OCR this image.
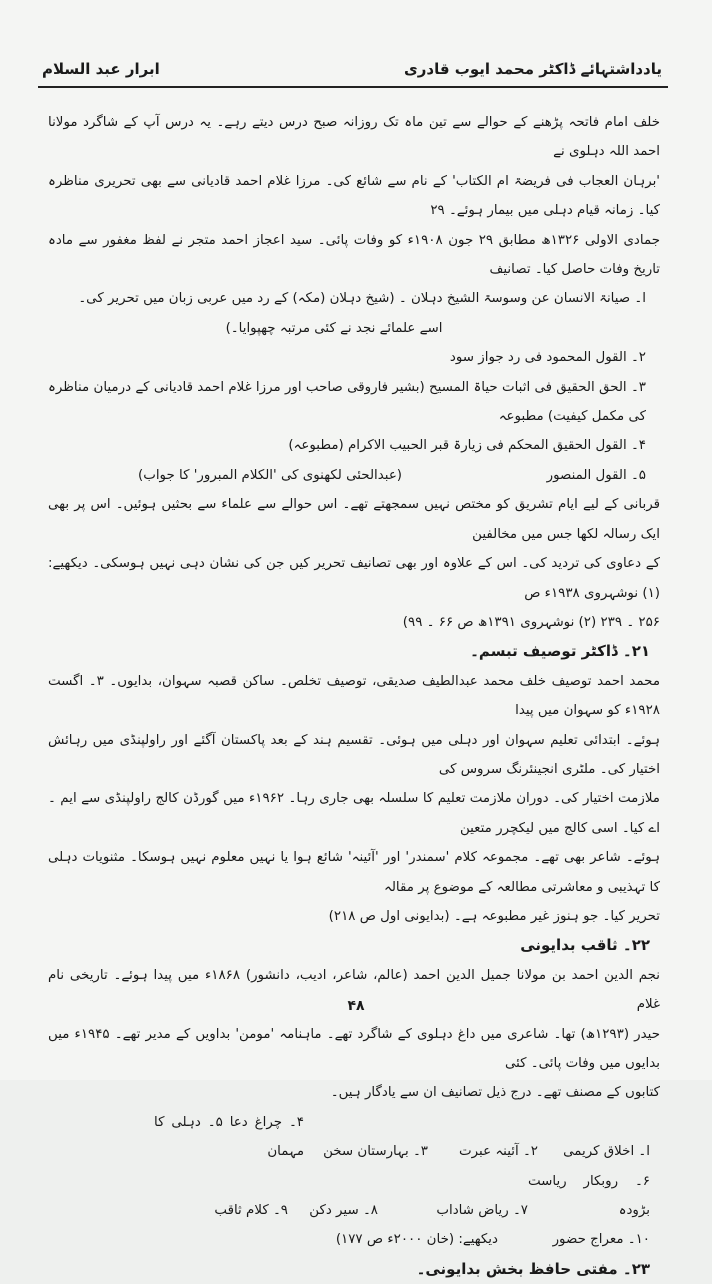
یادداشتہائے ڈاکٹر محمد ایوب قادری
ابرار عبد السلام

خلف امام فاتحہ پڑھنے کے حوالے سے تین ماہ تک روزانہ صبح درس دیتے رہے۔ یہ درس آپ کے شاگرد مولانا احمد اللہ دہلوی نے

'برہان العجاب فی فریضۃ ام الکتاب' کے نام سے شائع کی۔ مرزا غلام احمد قادیانی سے بھی تحریری مناظرہ کیا۔ زمانہ قیام دہلی میں بیمار ہوئے۔ ۲۹

جمادی الاولی ۱۳۲۶ھ مطابق ۲۹ جون ۱۹۰۸ء کو وفات پائی۔ سید اعجاز احمد متجر نے لفظ مغفور سے مادہ تاریخ وفات حاصل کیا۔ تصانیف

ا۔ صیانۃ الانسان عن وسوسۃ الشیخ دہلان ۔ (شیخ دہلان (مکہ) کے رد میں عربی زبان میں تحریر کی۔

اسے علمائے نجد نے کئی مرتبہ چھپوایا۔)

۲۔ القول المحمود فی رد جواز سود

۳۔ الحق الحقیق فی اثبات حیاۃ المسیح (بشیر فاروقی صاحب اور مرزا غلام احمد قادیانی کے درمیان مناظرہ کی مکمل کیفیت) مطبوعہ

۴۔ القول الحقیق المحکم فی زیارۃ قبر الحبیب الاکرام (مطبوعہ)

۵۔ القول المنصور
(عبدالحئی لکھنوی کی 'الکلام المبرور' کا جواب)

قربانی کے لیے ایام تشریق کو مختص نہیں سمجھتے تھے۔ اس حوالے سے علماء سے بحثیں ہوئیں۔ اس پر بھی ایک رسالہ لکھا جس میں مخالفین

کے دعاوی کی تردید کی۔ اس کے علاوہ اور بھی تصانیف تحریر کیں جن کی نشان دہی نہیں ہوسکی۔ دیکھیے: (۱) نوشہروی ۱۹۳۸ء ص

۲۵۶ ۔ ۲۳۹ (۲) نوشہروی ۱۳۹۱ھ ص ۶۶ ۔ ۹۹)

۲۱۔ ڈاکٹر توصیف تبسم۔

محمد احمد توصیف خلف محمد عبدالطیف صدیقی، توصیف تخلص۔ ساکن قصبہ سہوان، بدایوں۔ ۳۔ اگست ۱۹۲۸ء کو سہوان میں پیدا

ہوئے۔ ابتدائی تعلیم سہوان اور دہلی میں ہوئی۔ تقسیم ہند کے بعد پاکستان آگئے اور راولپنڈی میں رہائش اختیار کی۔ ملٹری انجینئرنگ سروس کی

ملازمت اختیار کی۔ دوران ملازمت تعلیم کا سلسلہ بھی جاری رہا۔ ۱۹۶۲ء میں گورڈن کالج راولپنڈی سے ایم ۔ اے کیا۔ اسی کالج میں لیکچرر متعین

ہوئے۔ شاعر بھی تھے۔ مجموعہ کلام 'سمندر' اور 'آئینہ' شائع ہوا یا نہیں معلوم نہیں ہوسکا۔ مثنویات دہلی کا تہذیبی و معاشرتی مطالعہ کے موضوع پر مقالہ

تحریر کیا۔ جو ہنوز غیر مطبوعہ ہے۔ (بدایونی اول ص ۲۱۸)

۲۲۔ ثاقب بدایونی

نجم الدین احمد بن مولانا جمیل الدین احمد (عالم، شاعر، ادیب، دانشور) ۱۸۶۸ء میں پیدا ہوئے۔ تاریخی نام غلام

حیدر (۱۲۹۳ھ) تھا۔ شاعری میں داغ دہلوی کے شاگرد تھے۔ ماہنامہ 'مومن' بداویں کے مدیر تھے۔ ۱۹۴۵ء میں بدایوں میں وفات پائی۔ کئی

کتابوں کے مصنف تھے۔ درج ذیل تصانیف ان سے یادگار ہیں۔

ا۔ اخلاق کریمی۲۔ آئینہ عبرت۳۔ بہارستان سخن۴۔ چراغ دعا ۵۔ دہلی کا مہمان

۶۔ روبکار ریاست بڑودہ۷۔ ریاض شاداب۸۔ سیر دکن۹۔ کلام ثاقب

۱۰۔ معراج حضوردیکھیے: (خان ۲۰۰۰ء ص ۱۷۷)

۲۳۔ مفتی حافظ بخش بدایونی۔

۴۸
